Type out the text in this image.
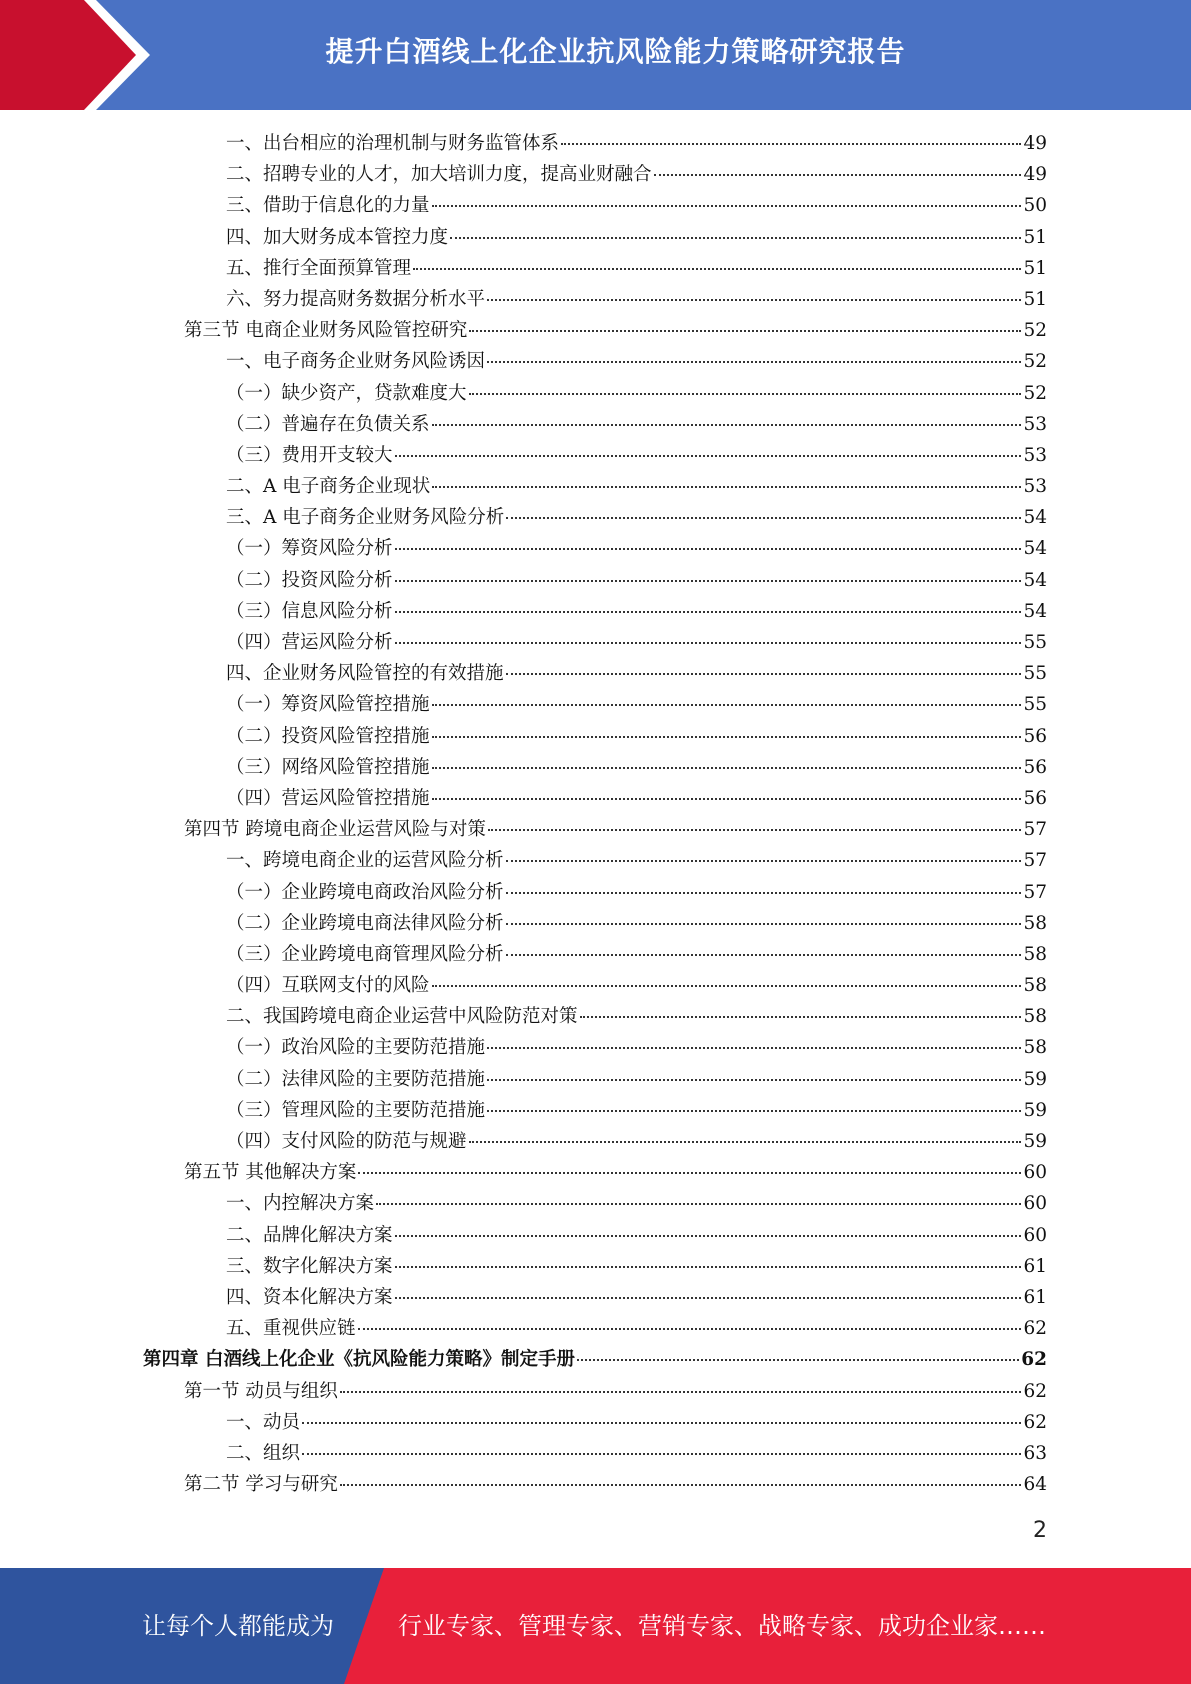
提升白酒线上化企业抗风险能力策略研究报告
一、出台相应的治理机制与财务监管体系	49
二、招聘专业的人才，加大培训力度，提高业财融合	49
三、借助于信息化的力量	50
四、加大财务成本管控力度	51
五、推行全面预算管理	51
六、努力提高财务数据分析水平	51
第三节 电商企业财务风险管控研究	52
一、电子商务企业财务风险诱因	52
（一）缺少资产，贷款难度大	52
（二）普遍存在负债关系	53
（三）费用开支较大	53
二、A 电子商务企业现状	53
三、A 电子商务企业财务风险分析	54
（一）筹资风险分析	54
（二）投资风险分析	54
（三）信息风险分析	54
（四）营运风险分析	55
四、企业财务风险管控的有效措施	55
（一）筹资风险管控措施	55
（二）投资风险管控措施	56
（三）网络风险管控措施	56
（四）营运风险管控措施	56
第四节 跨境电商企业运营风险与对策	57
一、跨境电商企业的运营风险分析	57
（一）企业跨境电商政治风险分析	57
（二）企业跨境电商法律风险分析	58
（三）企业跨境电商管理风险分析	58
（四）互联网支付的风险	58
二、我国跨境电商企业运营中风险防范对策	58
（一）政治风险的主要防范措施	58
（二）法律风险的主要防范措施	59
（三）管理风险的主要防范措施	59
（四）支付风险的防范与规避	59
第五节 其他解决方案	60
一、内控解决方案	60
二、品牌化解决方案	60
三、数字化解决方案	61
四、资本化解决方案	61
五、重视供应链	62
第四章 白酒线上化企业《抗风险能力策略》制定手册	62
第一节 动员与组织	62
一、动员	62
二、组织	63
第二节 学习与研究	64
2
让每个人都能成为	行业专家、管理专家、营销专家、战略专家、成功企业家……
